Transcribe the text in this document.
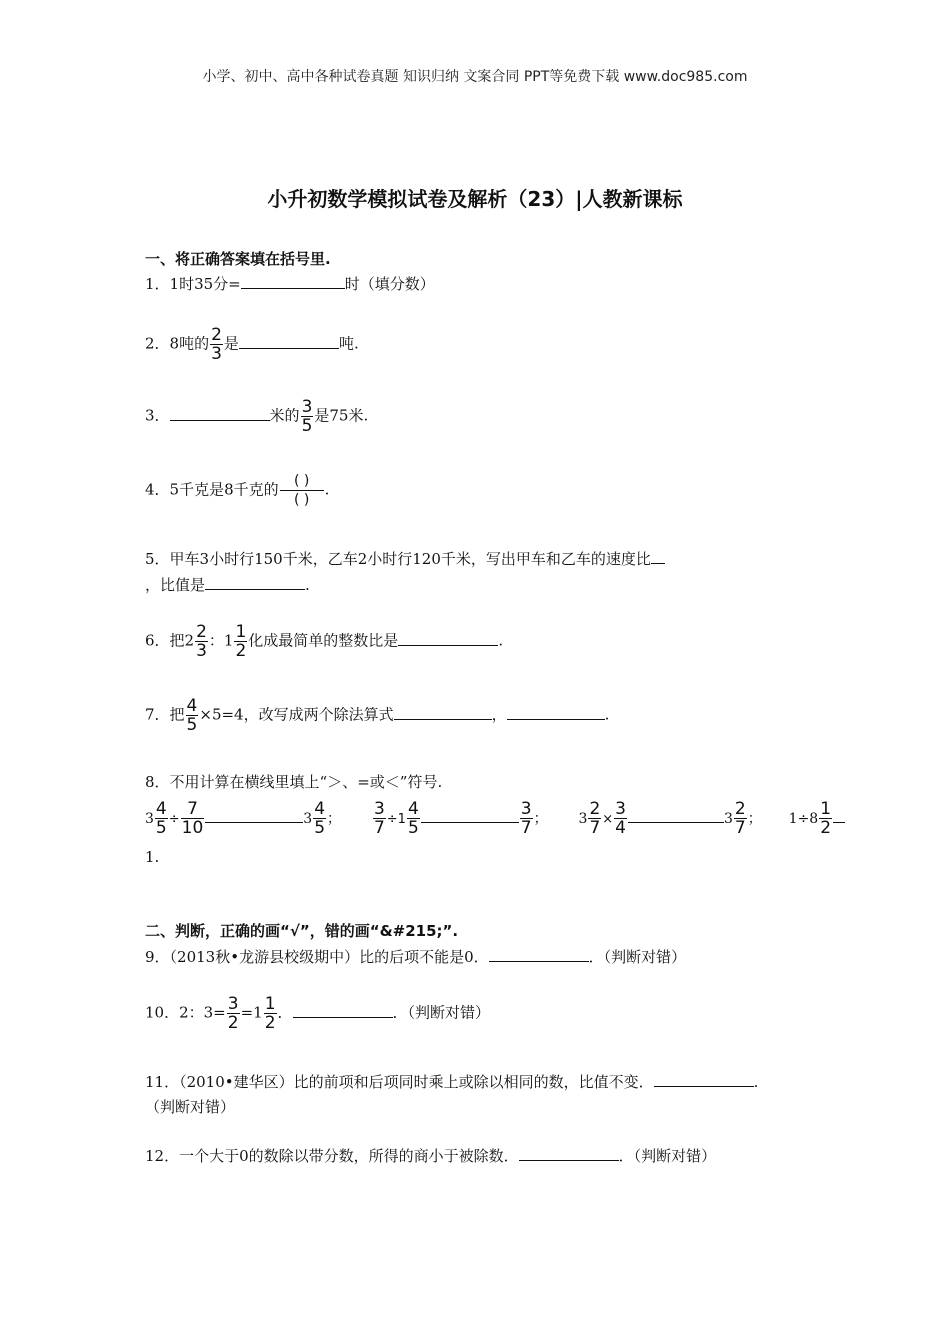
小学、初中、高中各种试卷真题 知识归纳 文案合同 PPT等免费下载 www.doc985.com
小升初数学模拟试卷及解析（23）|人教新课标
一、将正确答案填在括号里.
1．1时35分=	时（填分数）
2．8吨的 $\frac{2}{3}$ 是	吨.
3．	米的 $\frac{3}{5}$ 是75米.
4．5千克是8千克的 $\frac{( )}{( )}$ .
5．甲车3小时行150千米，乙车2小时行120千米，写出甲车和乙车的速度比
，比值是	.
6．把$2 \frac{2}{3}$ ：$1 \frac{1}{2}$ 化成最简单的整数比是	.
7．把 $\frac{4}{5} \times 5=4$，改写成两个除法算式	，	.
8．不用计算在横线里填上“＞、=或＜”符号.
$3 \frac{4}{5} \div \frac{7}{10}$	$3 \frac{4}{5}$ ； $\frac{3}{7} \div 1 \frac{4}{5}$	$\frac{3}{7}$ ； $3 \frac{2}{7} \times \frac{3}{4}$	$3 \frac{2}{7}$ ； $1\div 8 \frac{1}{2}$
1.
二、判断，正确的画“√”，错的画“&#215;”.
9．（2013秋•龙游县校级期中）比的后项不能是0．	．（判断对错）
10．2：$3= \frac{3}{2} =1 \frac{1}{2}$ ．	．（判断对错）
11．（2010•建华区）比的前项和后项同时乘上或除以相同的数，比值不变．	.
（判断对错）
12．一个大于0的数除以带分数，所得的商小于被除数．	．（判断对错）
